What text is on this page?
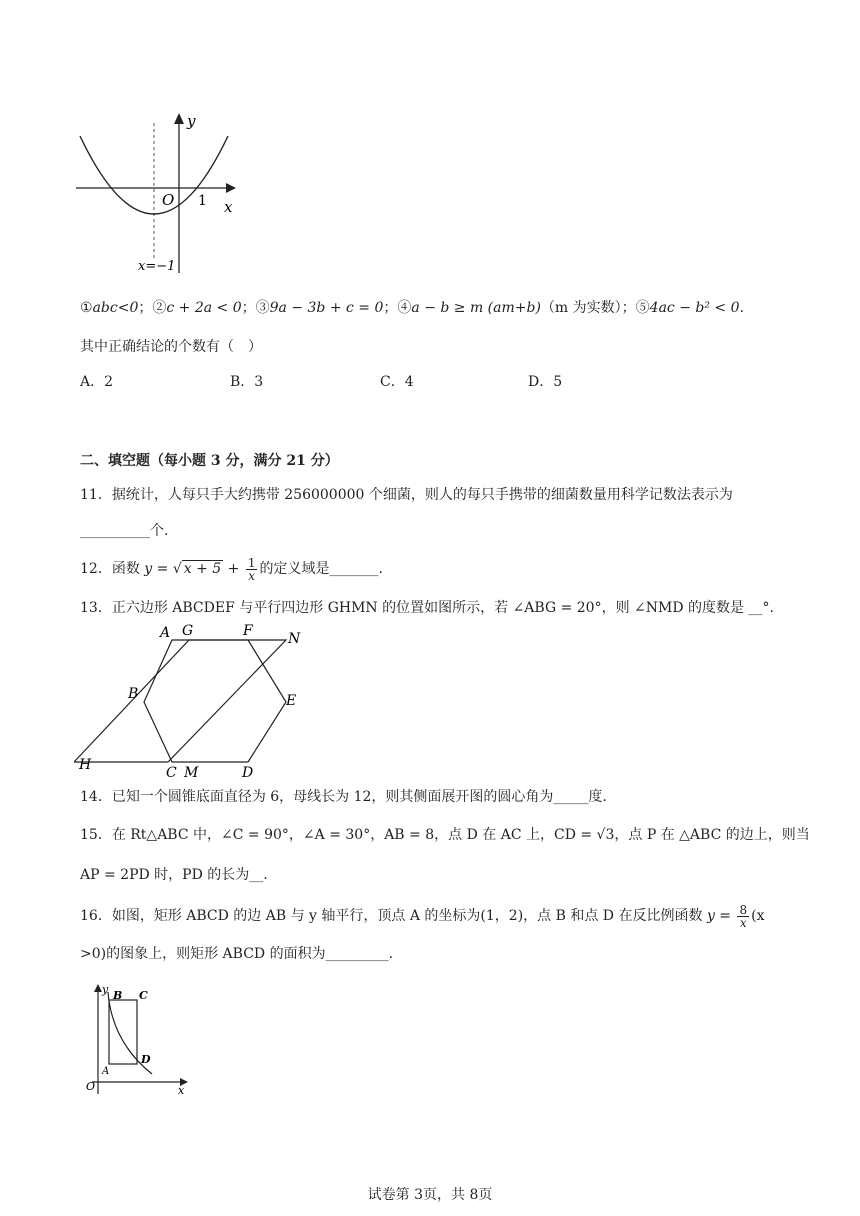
y
O 1 x
x=−1
①abc<0；②c + 2a < 0；③9a − 3b + c = 0；④a − b ≥ m (am+b)（m 为实数）；⑤4ac − b² < 0.
其中正确结论的个数有（　）
A．2	B．3	C．4	D．5
二、填空题（每小题 3 分，满分 21 分）
11．据统计，人每只手大约携带 256000000 个细菌，则人的每只手携带的细菌数量用科学记数法表示为
__________个.
12．函数 y = √ $x + 5 + \frac{1}{x}$ 的定义域是_______.
13．正六边形 ABCDEF 与平行四边形 GHMN 的位置如图所示，若 ∠ABG = 20°，则 ∠NMD 的度数是 __°.
A G	F	N
B	E
H	C M	D
14．已知一个圆锥底面直径为 6，母线长为 12，则其侧面展开图的圆心角为_____度.
15．在 Rt△ABC 中，∠C = 90°，∠A = 30°，AB = 8，点 D 在 AC 上，CD = √3，点 P 在 △ABC 的边上，则当
AP = 2PD 时，PD 的长为__.
16．如图，矩形 ABCD 的边 AB 与 y 轴平行，顶点 A 的坐标为(1，2)，点 B 和点 D 在反比例函数 $y = \frac{8}{x} (x$
>0)的图象上，则矩形 ABCD 的面积为_________.
y B C
D
A
O	x
试卷第 3页，共 8页
